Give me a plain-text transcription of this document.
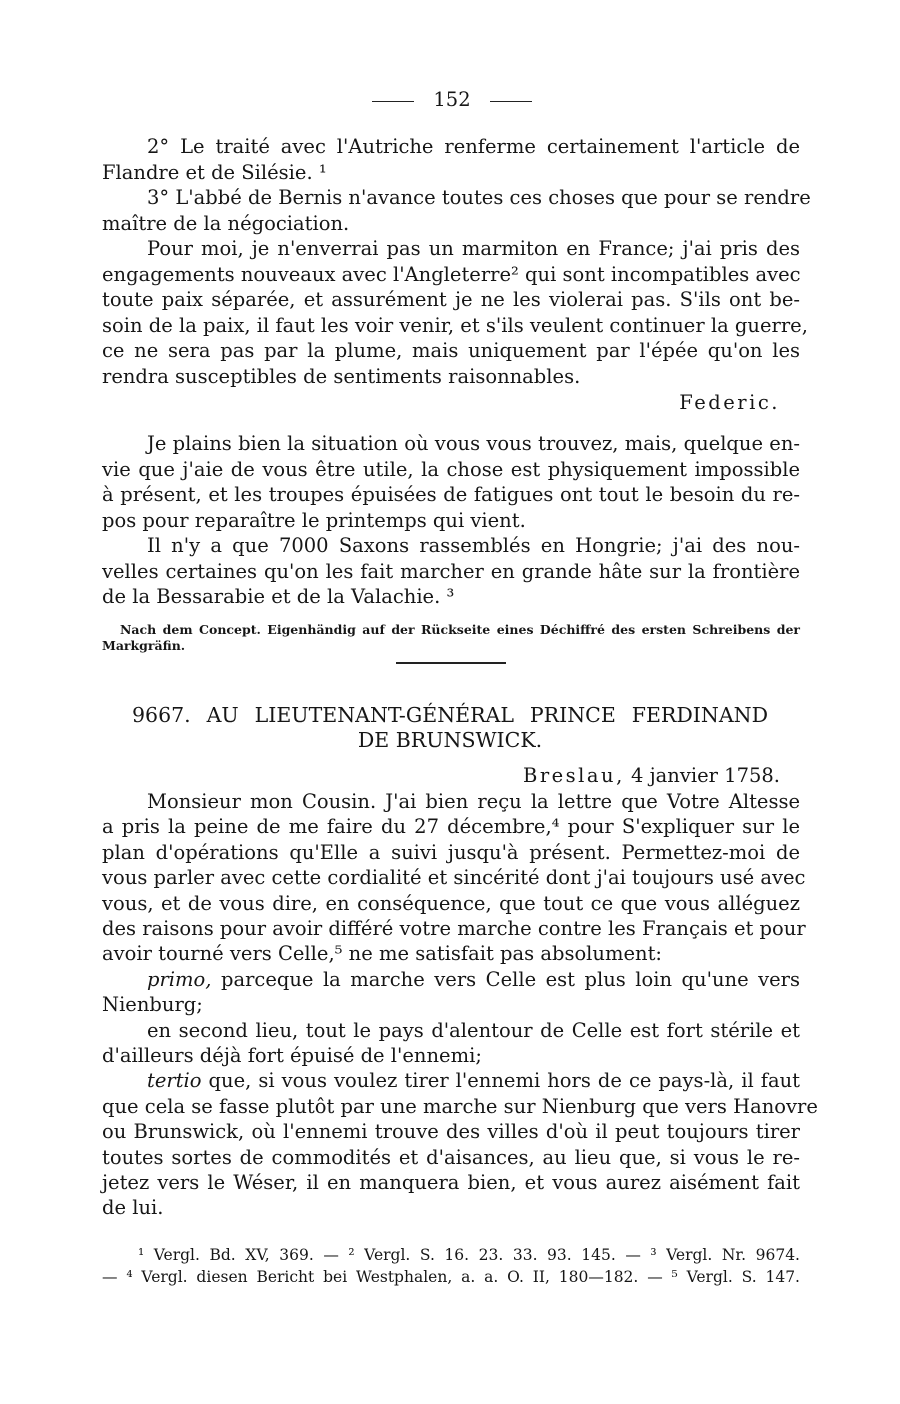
152
2° Le traité avec l'Autriche renferme certainement l'article de
Flandre et de Silésie. ¹
3° L'abbé de Bernis n'avance toutes ces choses que pour se rendre
maître de la négociation.
Pour moi, je n'enverrai pas un marmiton en France; j'ai pris des
engagements nouveaux avec l'Angleterre² qui sont incompatibles avec
toute paix séparée, et assurément je ne les violerai pas. S'ils ont be-
soin de la paix, il faut les voir venir, et s'ils veulent continuer la guerre,
ce ne sera pas par la plume, mais uniquement par l'épée qu'on les
rendra susceptibles de sentiments raisonnables.
Federic.
Je plains bien la situation où vous vous trouvez, mais, quelque en-
vie que j'aie de vous être utile, la chose est physiquement impossible
à présent, et les troupes épuisées de fatigues ont tout le besoin du re-
pos pour reparaître le printemps qui vient.
Il n'y a que 7000 Saxons rassemblés en Hongrie; j'ai des nou-
velles certaines qu'on les fait marcher en grande hâte sur la frontière
de la Bessarabie et de la Valachie. ³
Nach dem Concept. Eigenhändig auf der Rückseite eines Déchiffré des ersten Schreibens der
Markgräfin.
9667. AU LIEUTENANT-GÉNÉRAL PRINCE FERDINAND
DE BRUNSWICK.
Breslau, 4 janvier 1758.
Monsieur mon Cousin. J'ai bien reçu la lettre que Votre Altesse
a pris la peine de me faire du 27 décembre,⁴ pour S'expliquer sur le
plan d'opérations qu'Elle a suivi jusqu'à présent. Permettez-moi de
vous parler avec cette cordialité et sincérité dont j'ai toujours usé avec
vous, et de vous dire, en conséquence, que tout ce que vous alléguez
des raisons pour avoir différé votre marche contre les Français et pour
avoir tourné vers Celle,⁵ ne me satisfait pas absolument:
primo, parceque la marche vers Celle est plus loin qu'une vers
Nienburg;
en second lieu, tout le pays d'alentour de Celle est fort stérile et
d'ailleurs déjà fort épuisé de l'ennemi;
tertio que, si vous voulez tirer l'ennemi hors de ce pays-là, il faut
que cela se fasse plutôt par une marche sur Nienburg que vers Hanovre
ou Brunswick, où l'ennemi trouve des villes d'où il peut toujours tirer
toutes sortes de commodités et d'aisances, au lieu que, si vous le re-
jetez vers le Wéser, il en manquera bien, et vous aurez aisément fait
de lui.
¹ Vergl. Bd. XV, 369. — ² Vergl. S. 16. 23. 33. 93. 145. — ³ Vergl. Nr. 9674.
— ⁴ Vergl. diesen Bericht bei Westphalen, a. a. O. II, 180—182. — ⁵ Vergl. S. 147.
